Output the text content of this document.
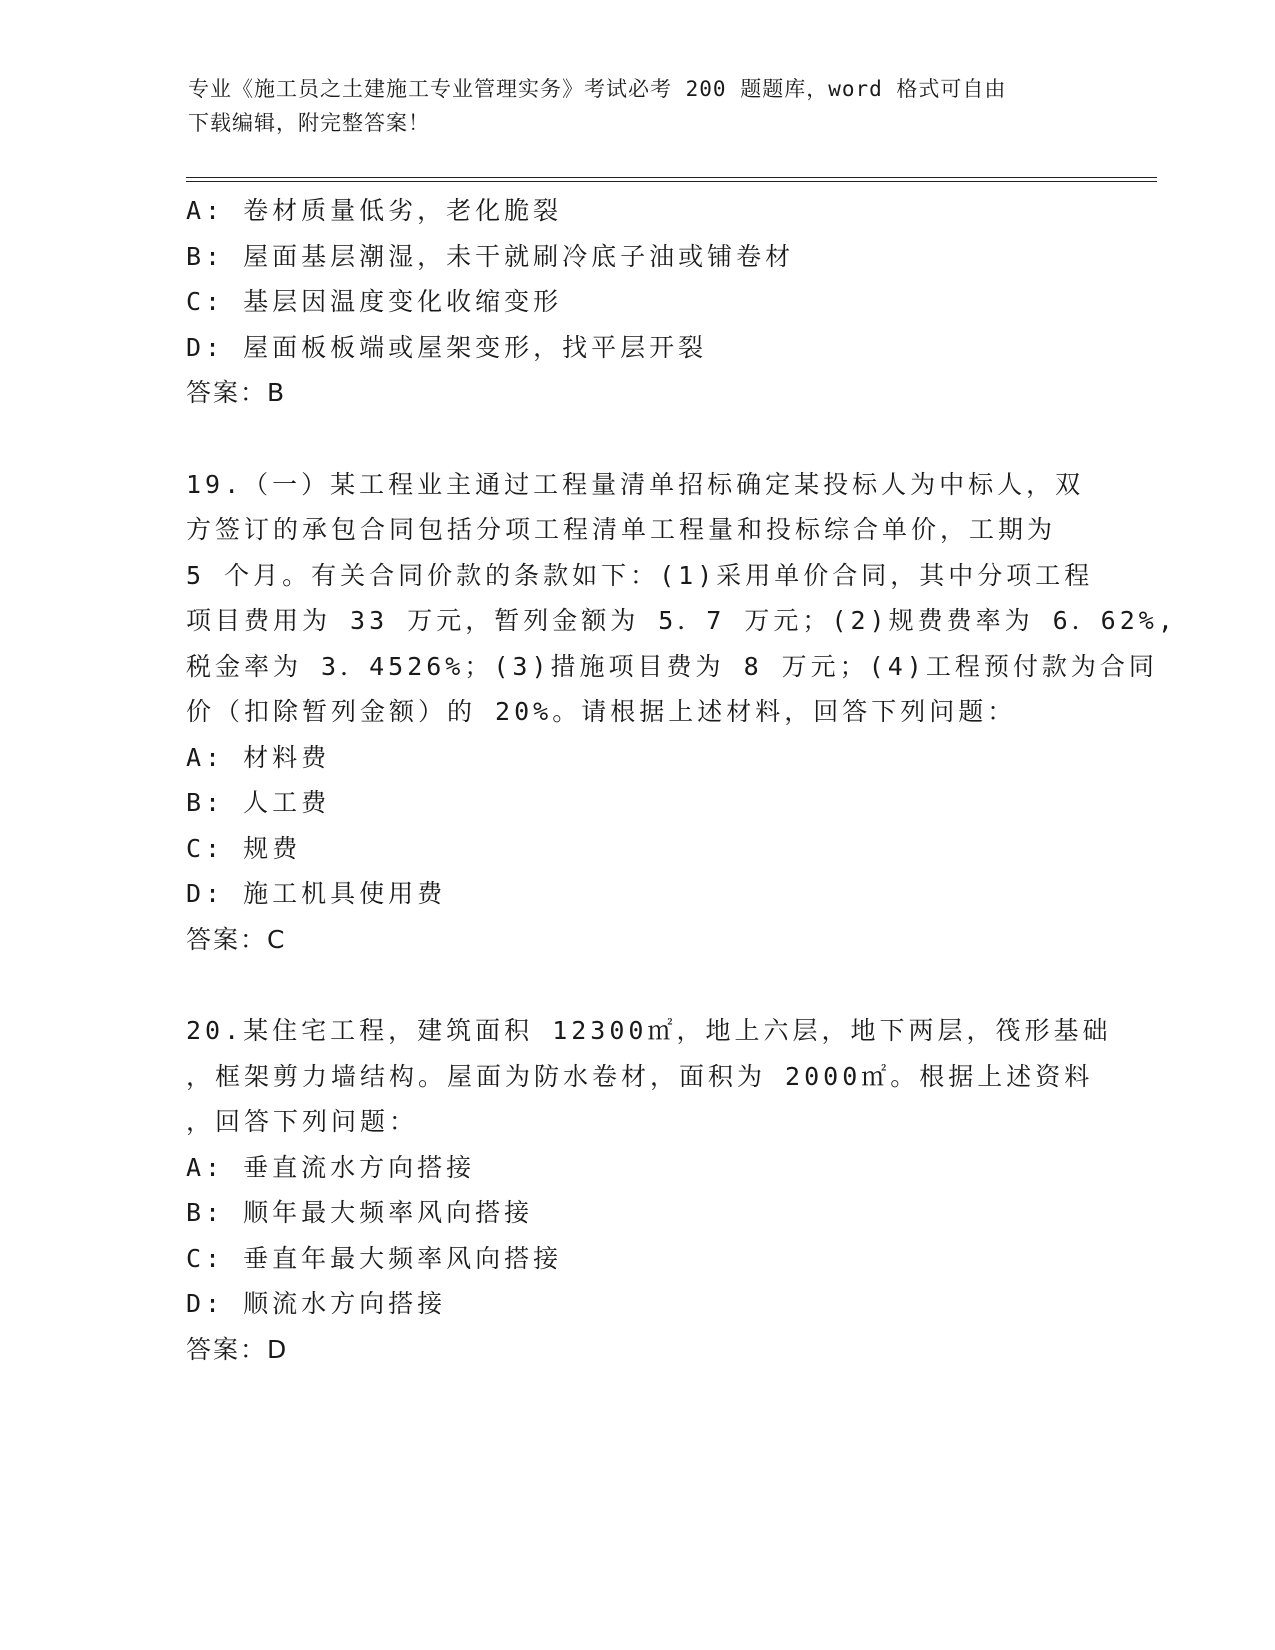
专业《施工员之土建施工专业管理实务》考试必考 200 题题库，word 格式可自由
下载编辑，附完整答案！
A: 卷材质量低劣，老化脆裂
B: 屋面基层潮湿，未干就刷冷底子油或铺卷材
C: 基层因温度变化收缩变形
D: 屋面板板端或屋架变形，找平层开裂
答案：B
19.（一）某工程业主通过工程量清单招标确定某投标人为中标人，双
方签订的承包合同包括分项工程清单工程量和投标综合单价，工期为
5 个月。有关合同价款的条款如下：(1)采用单价合同，其中分项工程
项目费用为 33 万元，暂列金额为 5．7 万元；(2)规费费率为 6．62%,
税金率为 3．4526%；(3)措施项目费为 8 万元；(4)工程预付款为合同
价（扣除暂列金额）的 20%。请根据上述材料，回答下列问题：
A: 材料费
B: 人工费
C: 规费
D: 施工机具使用费
答案：C
20.某住宅工程，建筑面积 12300㎡，地上六层，地下两层，筏形基础
，框架剪力墙结构。屋面为防水卷材，面积为 2000㎡。根据上述资料
，回答下列问题：
A: 垂直流水方向搭接
B: 顺年最大频率风向搭接
C: 垂直年最大频率风向搭接
D: 顺流水方向搭接
答案：D
